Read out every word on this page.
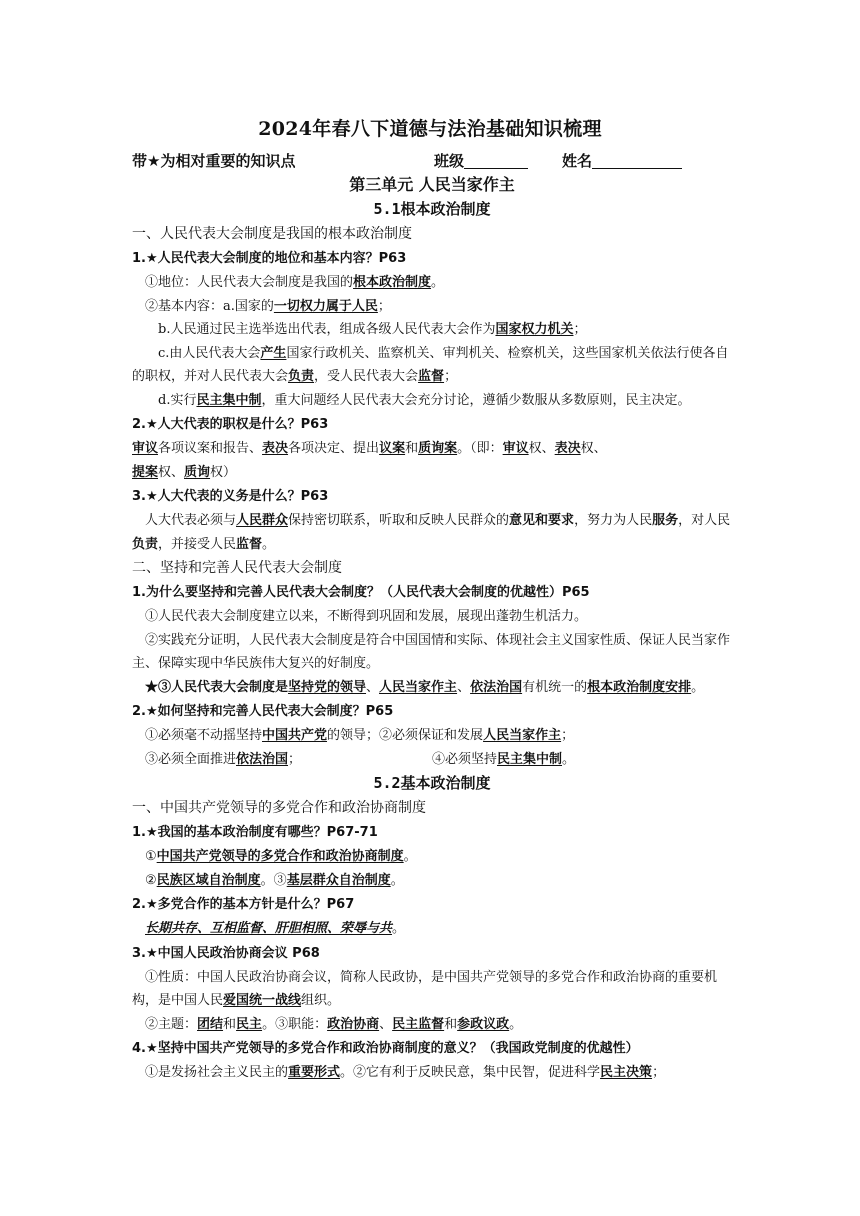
2024年春八下道德与法治基础知识梳理
带★为相对重要的知识点	班级	姓名
第三单元 人民当家作主
5.1根本政治制度
一、人民代表大会制度是我国的根本政治制度
1.★人民代表大会制度的地位和基本内容？P63

①地位：人民代表大会制度是我国的根本政治制度。

②基本内容：a.国家的一切权力属于人民；

b.人民通过民主选举选出代表，组成各级人民代表大会作为国家权力机关；

c.由人民代表大会产生国家行政机关、监察机关、审判机关、检察机关，这些国家机关依法行使各自的职权，并对人民代表大会负责，受人民代表大会监督；

d.实行民主集中制，重大问题经人民代表大会充分讨论，遵循少数服从多数原则，民主决定。

2.★人大代表的职权是什么？P63

审议各项议案和报告、表决各项决定、提出议案和质询案。（即：审议权、表决权、
提案权、质询权）

3.★人大代表的义务是什么？P63

人大代表必须与人民群众保持密切联系，听取和反映人民群众的意见和要求，努力为人民服务，对人民负责，并接受人民监督。

二、坚持和完善人民代表大会制度
1.为什么要坚持和完善人民代表大会制度？（人民代表大会制度的优越性）P65

①人民代表大会制度建立以来，不断得到巩固和发展，展现出蓬勃生机活力。

②实践充分证明，人民代表大会制度是符合中国国情和实际、体现社会主义国家性质、保证人民当家作主、保障实现中华民族伟大复兴的好制度。

★③人民代表大会制度是坚持党的领导、人民当家作主、依法治国有机统一的根本政治制度安排。

2.★如何坚持和完善人民代表大会制度？P65

①必须毫不动摇坚持中国共产党的领导；②必须保证和发展人民当家作主；

③必须全面推进依法治国；	④必须坚持民主集中制。

5.2基本政治制度
一、中国共产党领导的多党合作和政治协商制度
1.★我国的基本政治制度有哪些？P67-71

①中国共产党领导的多党合作和政治协商制度。

②民族区域自治制度。③基层群众自治制度。

2.★多党合作的基本方针是什么？P67

长期共存、互相监督、肝胆相照、荣辱与共。

3.★中国人民政治协商会议 P68

①性质：中国人民政治协商会议，简称人民政协，是中国共产党领导的多党合作和政治协商的重要机构，是中国人民爱国统一战线组织。

②主题：团结和民主。③职能：政治协商、民主监督和参政议政。

4.★坚持中国共产党领导的多党合作和政治协商制度的意义？（我国政党制度的优越性）

①是发扬社会主义民主的重要形式。②它有利于反映民意，集中民智，促进科学民主决策；
